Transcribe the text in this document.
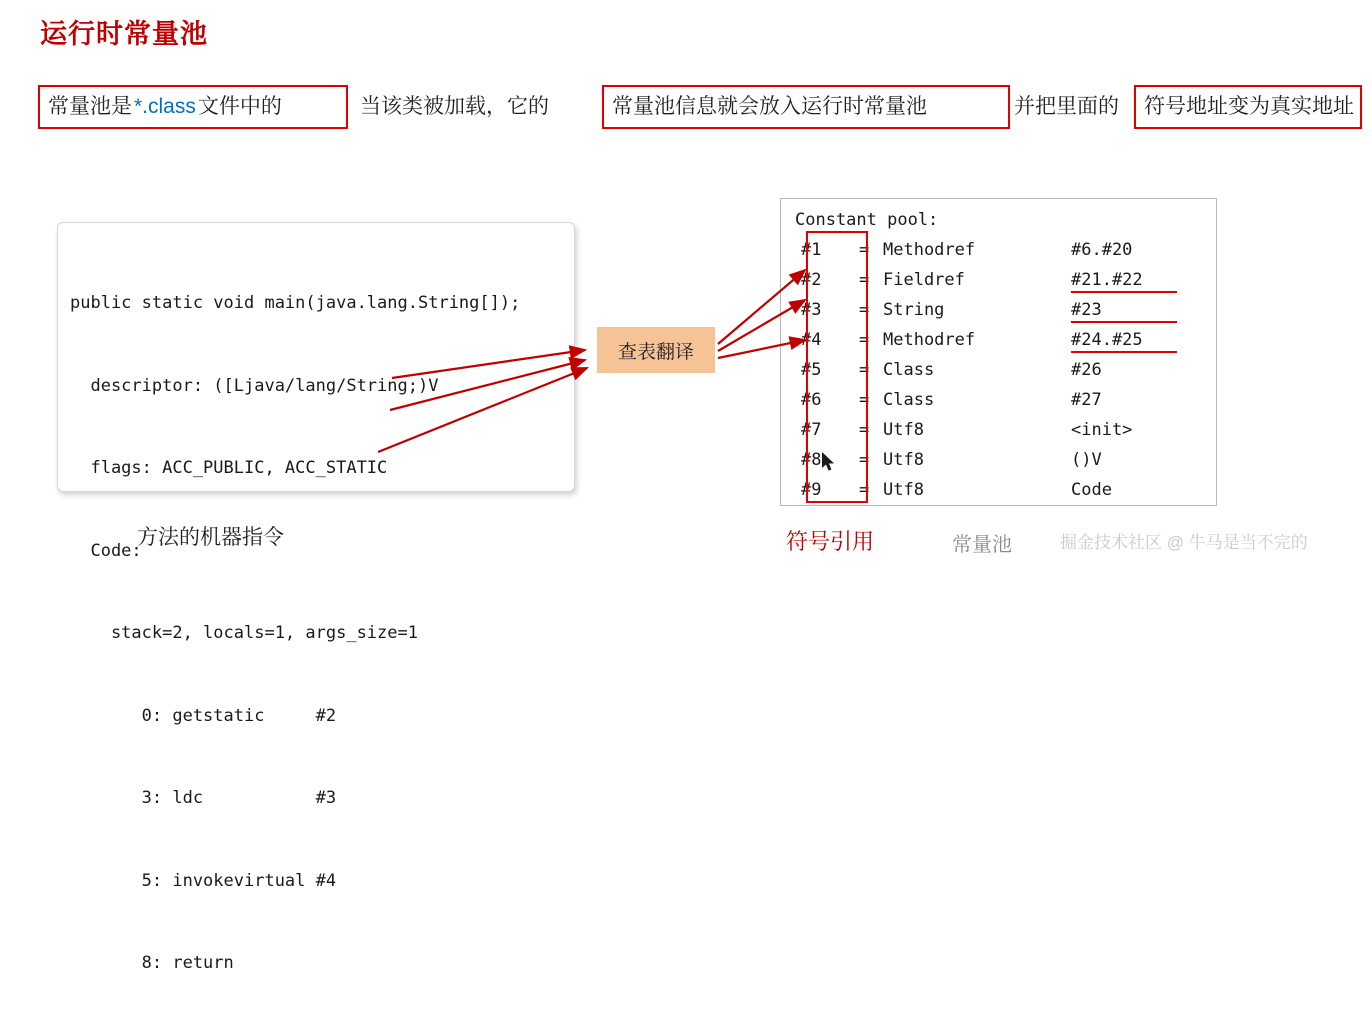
运行时常量池
常量池是 *.class 文件中的	当该类被加载，它的	常量池信息就会放入运行时常量池	并把里面的	符号地址变为真实地址

public static void main(java.lang.String[]);

descriptor: ([Ljava/lang/String;)V

flags: ACC_PUBLIC, ACC_STATIC

Code:

stack=2, locals=1, args_size=1

0: getstatic     #2

3: ldc           #3

5: invokevirtual #4

8: return

Constant pool:
#1	= Methodref	#6.#20
#2	= Fieldref	#21.#22
#3	= String	#23
#4	= Methodref	#24.#25
#5	= Class	#26
#6	= Class	#27
#7	= Utf8	<init>
#8	= Utf8	()V
#9	= Utf8	Code
查表翻译
方法的机器指令	符号引用	常量池	掘金技术社区 @ 牛马是当不完的
